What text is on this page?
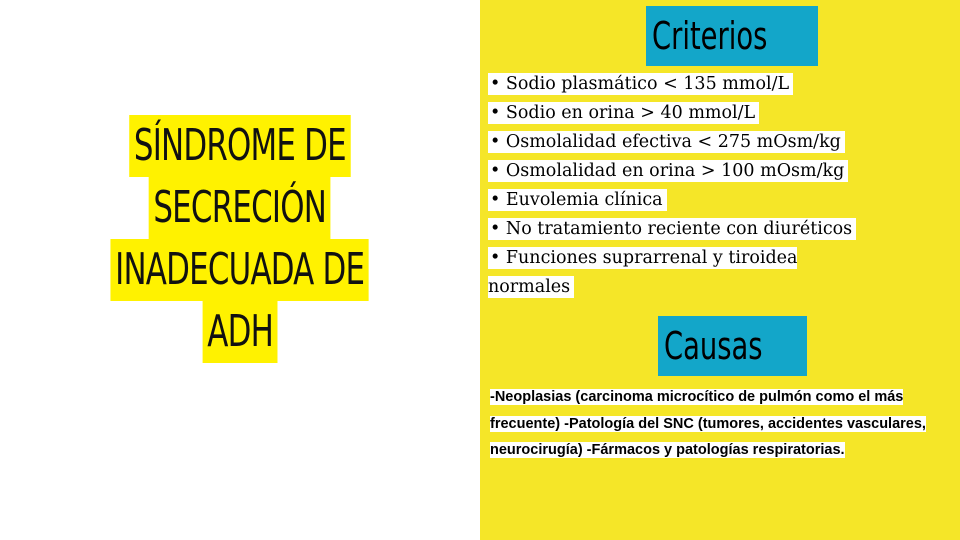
SÍNDROME DE
SECRECIÓN
INADECUADA DE
ADH
Criterios
• Sodio plasmático < 135 mmol/L
• Sodio en orina > 40 mmol/L
• Osmolalidad efectiva < 275 mOsm/kg
• Osmolalidad en orina > 100 mOsm/kg
• Euvolemia clínica
• No tratamiento reciente con diuréticos
• Funciones suprarrenal y tiroidea normales
Causas
-Neoplasias (carcinoma microcítico de pulmón como el más frecuente) -Patología del SNC (tumores, accidentes vasculares, neurocirugía) -Fármacos y patologías respiratorias.
